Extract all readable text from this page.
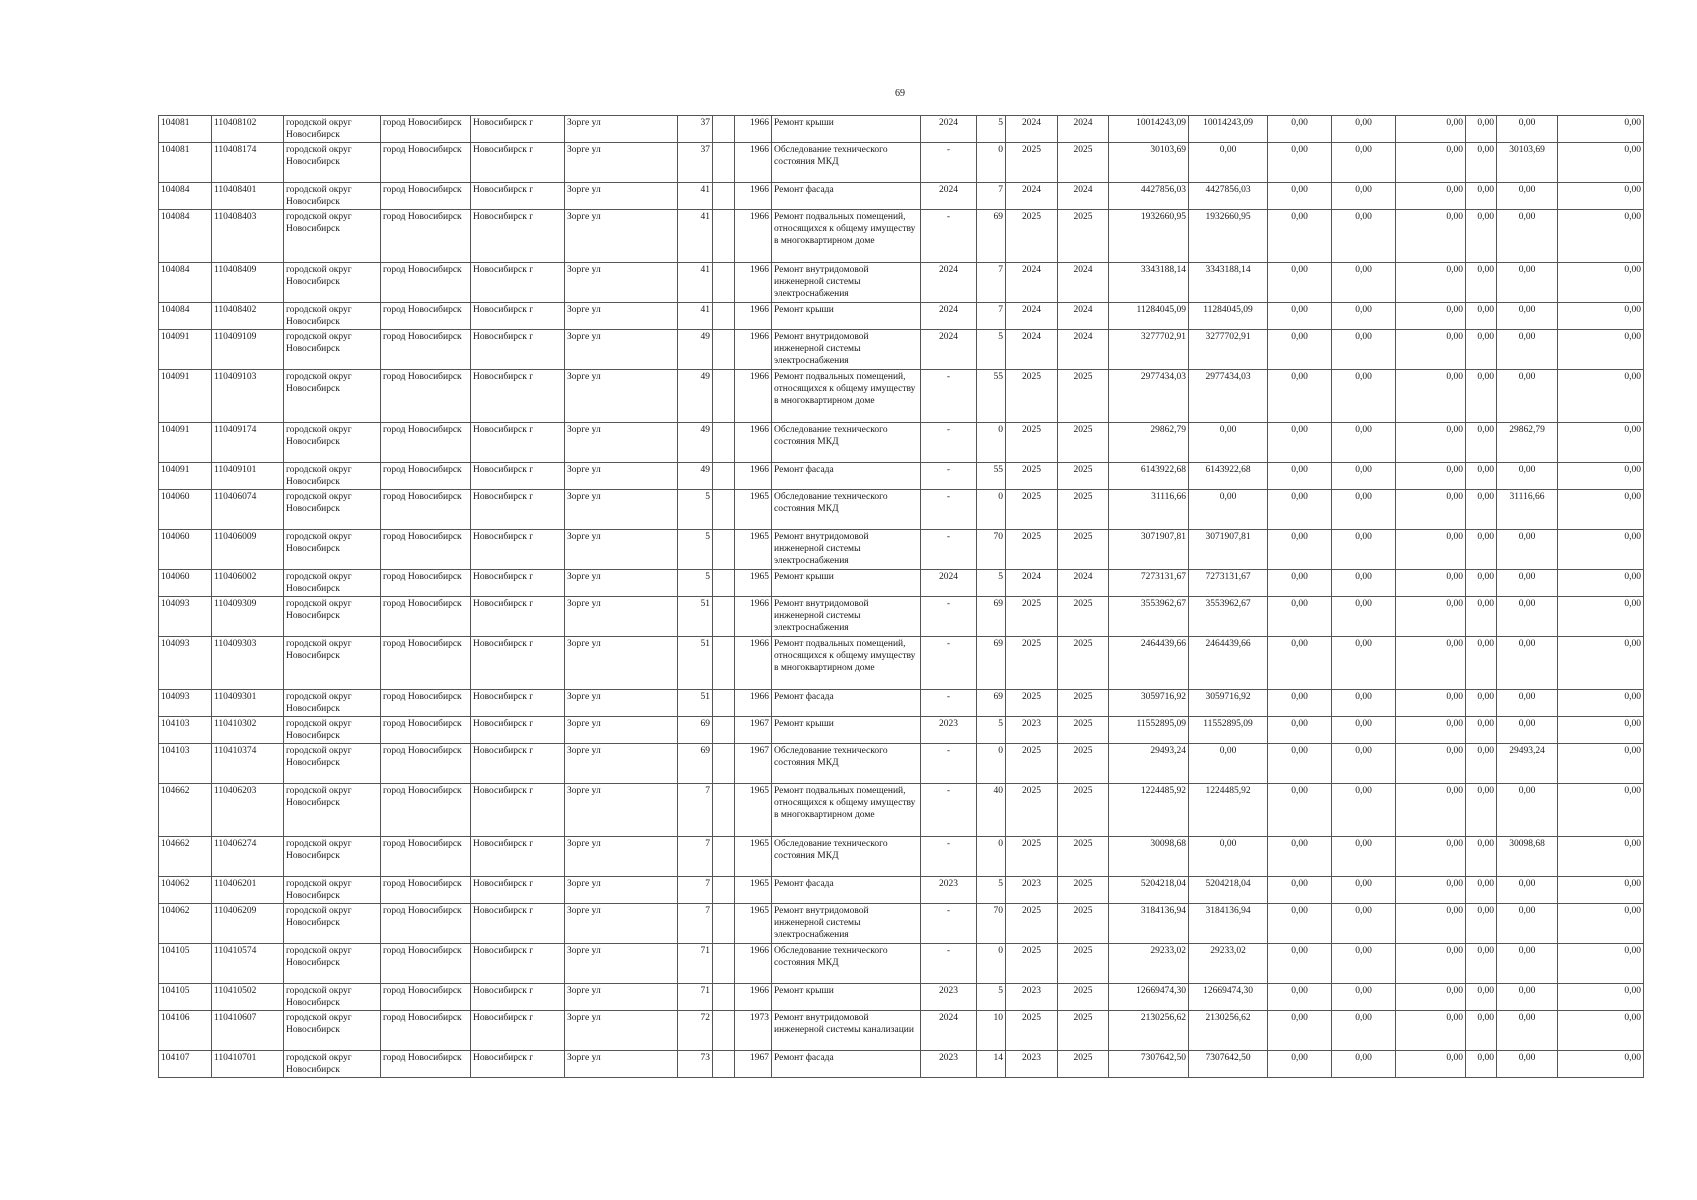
69
104081	110408102	городской округ Новосибирск	город Новосибирск	Новосибирск г	Зорге ул	37		1966	Ремонт крыши	2024	5	2024	2024	10014243,09	10014243,09	0,00	0,00	0,00	0,00	0,00	0,00
104081	110408174	городской округ Новосибирск	город Новосибирск	Новосибирск г	Зорге ул	37		1966	Обследование технического состояния МКД	-	0	2025	2025	30103,69	0,00	0,00	0,00	0,00	0,00	30103,69	0,00
104084	110408401	городской округ Новосибирск	город Новосибирск	Новосибирск г	Зорге ул	41		1966	Ремонт фасада	2024	7	2024	2024	4427856,03	4427856,03	0,00	0,00	0,00	0,00	0,00	0,00
104084	110408403	городской округ Новосибирск	город Новосибирск	Новосибирск г	Зорге ул	41		1966	Ремонт подвальных помещений, относящихся к общему имуществу в многоквартирном доме	-	69	2025	2025	1932660,95	1932660,95	0,00	0,00	0,00	0,00	0,00	0,00
104084	110408409	городской округ Новосибирск	город Новосибирск	Новосибирск г	Зорге ул	41		1966	Ремонт внутридомовой инженерной системы электроснабжения	2024	7	2024	2024	3343188,14	3343188,14	0,00	0,00	0,00	0,00	0,00	0,00
104084	110408402	городской округ Новосибирск	город Новосибирск	Новосибирск г	Зорге ул	41		1966	Ремонт крыши	2024	7	2024	2024	11284045,09	11284045,09	0,00	0,00	0,00	0,00	0,00	0,00
104091	110409109	городской округ Новосибирск	город Новосибирск	Новосибирск г	Зорге ул	49		1966	Ремонт внутридомовой инженерной системы электроснабжения	2024	5	2024	2024	3277702,91	3277702,91	0,00	0,00	0,00	0,00	0,00	0,00
104091	110409103	городской округ Новосибирск	город Новосибирск	Новосибирск г	Зорге ул	49		1966	Ремонт подвальных помещений, относящихся к общему имуществу в многоквартирном доме	-	55	2025	2025	2977434,03	2977434,03	0,00	0,00	0,00	0,00	0,00	0,00
104091	110409174	городской округ Новосибирск	город Новосибирск	Новосибирск г	Зорге ул	49		1966	Обследование технического состояния МКД	-	0	2025	2025	29862,79	0,00	0,00	0,00	0,00	0,00	29862,79	0,00
104091	110409101	городской округ Новосибирск	город Новосибирск	Новосибирск г	Зорге ул	49		1966	Ремонт фасада	-	55	2025	2025	6143922,68	6143922,68	0,00	0,00	0,00	0,00	0,00	0,00
104060	110406074	городской округ Новосибирск	город Новосибирск	Новосибирск г	Зорге ул	5		1965	Обследование технического состояния МКД	-	0	2025	2025	31116,66	0,00	0,00	0,00	0,00	0,00	31116,66	0,00
104060	110406009	городской округ Новосибирск	город Новосибирск	Новосибирск г	Зорге ул	5		1965	Ремонт внутридомовой инженерной системы электроснабжения	-	70	2025	2025	3071907,81	3071907,81	0,00	0,00	0,00	0,00	0,00	0,00
104060	110406002	городской округ Новосибирск	город Новосибирск	Новосибирск г	Зорге ул	5		1965	Ремонт крыши	2024	5	2024	2024	7273131,67	7273131,67	0,00	0,00	0,00	0,00	0,00	0,00
104093	110409309	городской округ Новосибирск	город Новосибирск	Новосибирск г	Зорге ул	51		1966	Ремонт внутридомовой инженерной системы электроснабжения	-	69	2025	2025	3553962,67	3553962,67	0,00	0,00	0,00	0,00	0,00	0,00
104093	110409303	городской округ Новосибирск	город Новосибирск	Новосибирск г	Зорге ул	51		1966	Ремонт подвальных помещений, относящихся к общему имуществу в многоквартирном доме	-	69	2025	2025	2464439,66	2464439,66	0,00	0,00	0,00	0,00	0,00	0,00
104093	110409301	городской округ Новосибирск	город Новосибирск	Новосибирск г	Зорге ул	51		1966	Ремонт фасада	-	69	2025	2025	3059716,92	3059716,92	0,00	0,00	0,00	0,00	0,00	0,00
104103	110410302	городской округ Новосибирск	город Новосибирск	Новосибирск г	Зорге ул	69		1967	Ремонт крыши	2023	5	2023	2025	11552895,09	11552895,09	0,00	0,00	0,00	0,00	0,00	0,00
104103	110410374	городской округ Новосибирск	город Новосибирск	Новосибирск г	Зорге ул	69		1967	Обследование технического состояния МКД	-	0	2025	2025	29493,24	0,00	0,00	0,00	0,00	0,00	29493,24	0,00
104662	110406203	городской округ Новосибирск	город Новосибирск	Новосибирск г	Зорге ул	7		1965	Ремонт подвальных помещений, относящихся к общему имуществу в многоквартирном доме	-	40	2025	2025	1224485,92	1224485,92	0,00	0,00	0,00	0,00	0,00	0,00
104662	110406274	городской округ Новосибирск	город Новосибирск	Новосибирск г	Зорге ул	7		1965	Обследование технического состояния МКД	-	0	2025	2025	30098,68	0,00	0,00	0,00	0,00	0,00	30098,68	0,00
104062	110406201	городской округ Новосибирск	город Новосибирск	Новосибирск г	Зорге ул	7		1965	Ремонт фасада	2023	5	2023	2025	5204218,04	5204218,04	0,00	0,00	0,00	0,00	0,00	0,00
104062	110406209	городской округ Новосибирск	город Новосибирск	Новосибирск г	Зорге ул	7		1965	Ремонт внутридомовой инженерной системы электроснабжения	-	70	2025	2025	3184136,94	3184136,94	0,00	0,00	0,00	0,00	0,00	0,00
104105	110410574	городской округ Новосибирск	город Новосибирск	Новосибирск г	Зорге ул	71		1966	Обследование технического состояния МКД	-	0	2025	2025	29233,02	29233,02	0,00	0,00	0,00	0,00	0,00	0,00
104105	110410502	городской округ Новосибирск	город Новосибирск	Новосибирск г	Зорге ул	71		1966	Ремонт крыши	2023	5	2023	2025	12669474,30	12669474,30	0,00	0,00	0,00	0,00	0,00	0,00
104106	110410607	городской округ Новосибирск	город Новосибирск	Новосибирск г	Зорге ул	72		1973	Ремонт внутридомовой инженерной системы канализации	2024	10	2025	2025	2130256,62	2130256,62	0,00	0,00	0,00	0,00	0,00	0,00
104107	110410701	городской округ Новосибирск	город Новосибирск	Новосибирск г	Зорге ул	73		1967	Ремонт фасада	2023	14	2023	2025	7307642,50	7307642,50	0,00	0,00	0,00	0,00	0,00	0,00
